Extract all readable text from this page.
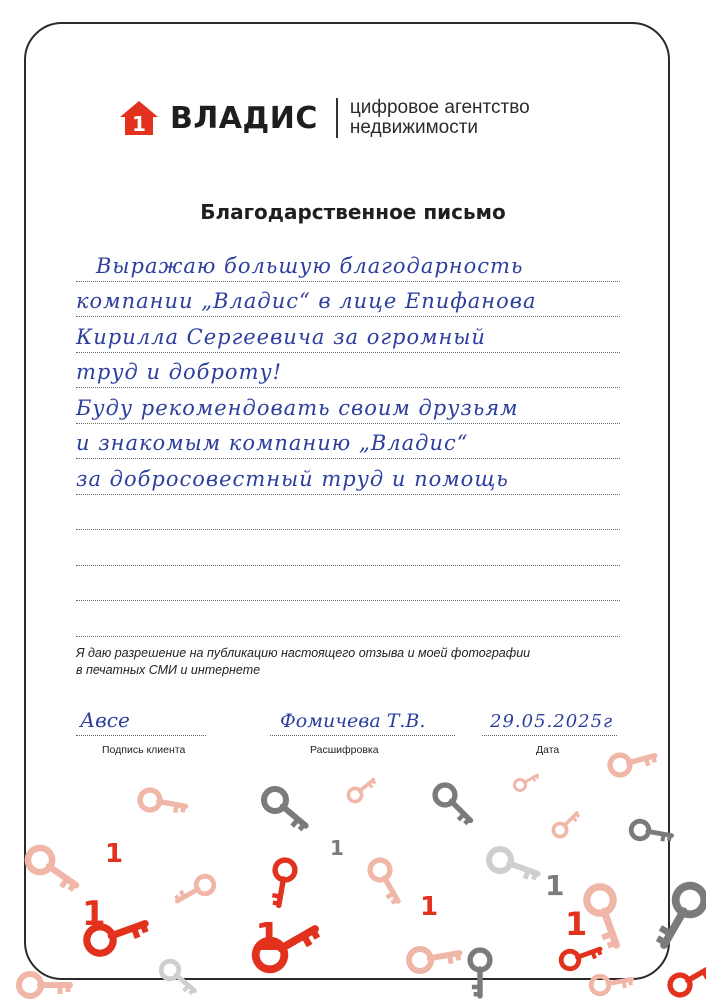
1
1
1
1	1
1
1
1 ВЛАДИС цифровое агентство
недвижимости
Благодарственное письмо
Выражаю большую благодарность
компании „Владис“ в лице Епифанова
Кирилла Сергеевича за огромный
труд и доброту!
Буду рекомендовать своим друзьям
и знакомым компанию „Владис“
за добросовестный труд и помощь
Я даю разрешение на публикацию настоящего отзыва и моей фотографии
в печатных СМИ и интернете
Авсе
Подпись клиента
Фомичева Т.В.
Расшифровка
29.05.2025г
Дата
